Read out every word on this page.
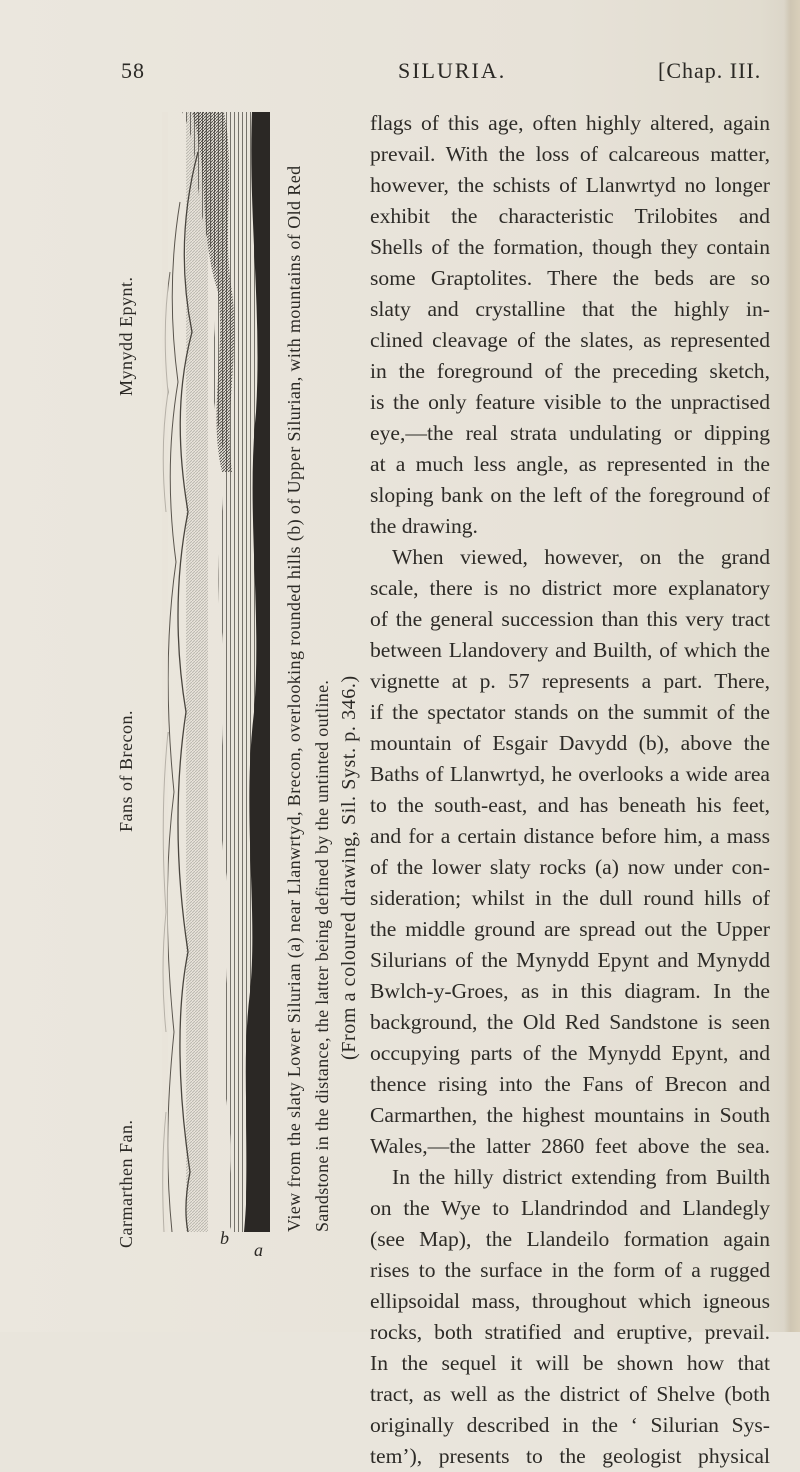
58	SILURIA.	[Chap. III.
Mynydd Epynt.
Fans of Brecon.
Carmarthen Fan.	b
a
View from the slaty Lower Silurian (a) near Llanwrtyd, Brecon, overlooking rounded hills (b) of Upper Silurian, with mountains of Old Red Sandstone in the distance, the latter being defined by the untinted outline. (From a coloured drawing, Sil. Syst. p. 346.)
flags of this age, often highly altered, again
prevail. With the loss of calcareous matter,
however, the schists of Llanwrtyd no longer
exhibit the characteristic Trilobites and
Shells of the formation, though they contain
some Graptolites. There the beds are so
slaty and crystalline that the highly in-
clined cleavage of the slates, as represented
in the foreground of the preceding sketch,
is the only feature visible to the unpractised
eye,—the real strata undulating or dipping
at a much less angle, as represented in the
sloping bank on the left of the foreground of
the drawing.
When viewed, however, on the grand
scale, there is no district more explanatory
of the general succession than this very tract
between Llandovery and Builth, of which the
vignette at p. 57 represents a part. There,
if the spectator stands on the summit of the
mountain of Esgair Davydd (b), above the
Baths of Llanwrtyd, he overlooks a wide area
to the south-east, and has beneath his feet,
and for a certain distance before him, a mass
of the lower slaty rocks (a) now under con-
sideration; whilst in the dull round hills of
the middle ground are spread out the Upper
Silurians of the Mynydd Epynt and Mynydd
Bwlch-y-Groes, as in this diagram. In the
background, the Old Red Sandstone is seen
occupying parts of the Mynydd Epynt, and
thence rising into the Fans of Brecon and
Carmarthen, the highest mountains in South
Wales,—the latter 2860 feet above the sea.
In the hilly district extending from Builth
on the Wye to Llandrindod and Llandegly
(see Map), the Llandeilo formation again
rises to the surface in the form of a rugged
ellipsoidal mass, throughout which igneous
rocks, both stratified and eruptive, prevail.
In the sequel it will be shown how that
tract, as well as the district of Shelve (both
originally described in the ‘ Silurian Sys-
tem’), presents to the geologist physical
